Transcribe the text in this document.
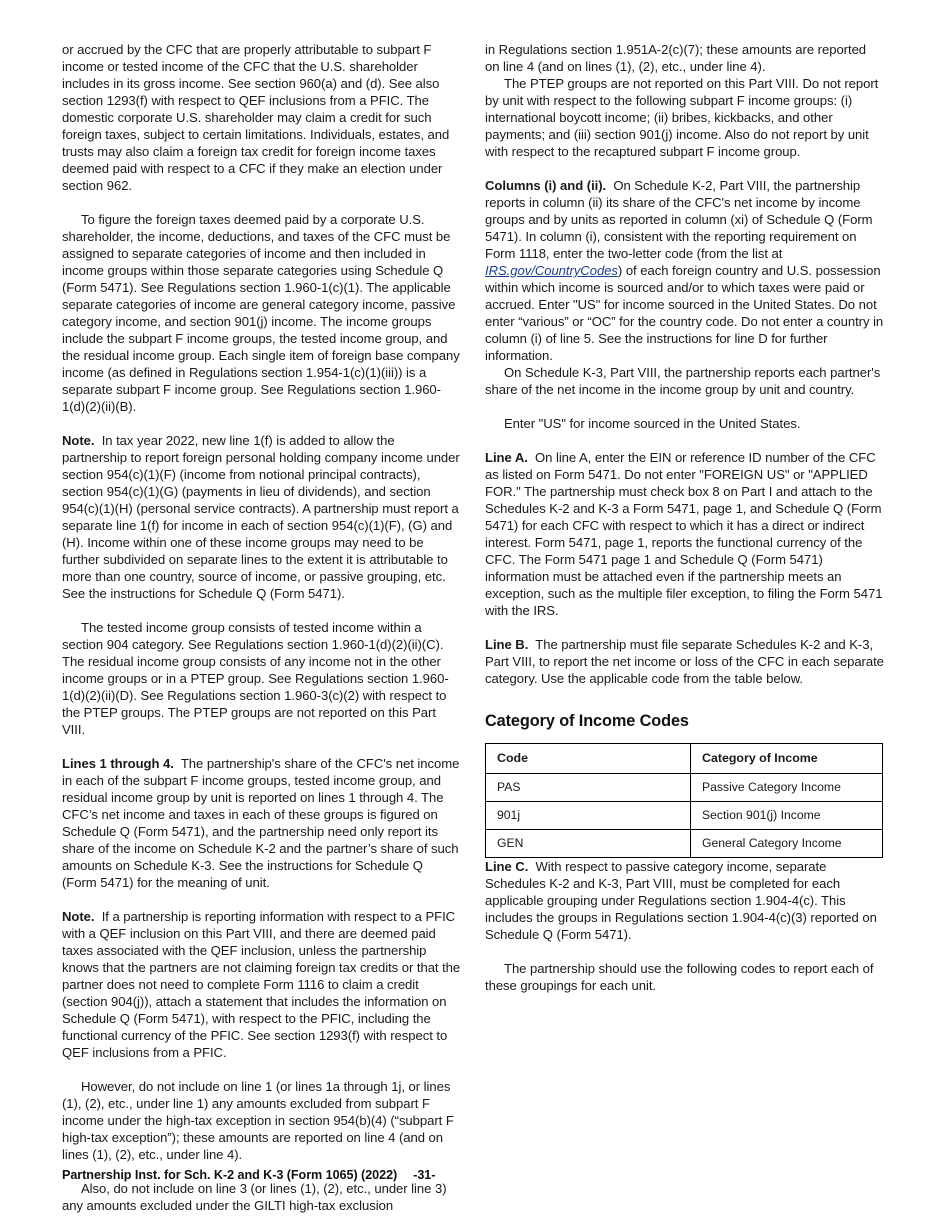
or accrued by the CFC that are properly attributable to subpart F income or tested income of the CFC that the U.S. shareholder includes in its gross income. See section 960(a) and (d). See also section 1293(f) with respect to QEF inclusions from a PFIC. The domestic corporate U.S. shareholder may claim a credit for such foreign taxes, subject to certain limitations. Individuals, estates, and trusts may also claim a foreign tax credit for foreign income taxes deemed paid with respect to a CFC if they make an election under section 962.

To figure the foreign taxes deemed paid by a corporate U.S. shareholder, the income, deductions, and taxes of the CFC must be assigned to separate categories of income and then included in income groups within those separate categories using Schedule Q (Form 5471). See Regulations section 1.960-1(c)(1). The applicable separate categories of income are general category income, passive category income, and section 901(j) income. The income groups include the subpart F income groups, the tested income group, and the residual income group. Each single item of foreign base company income (as defined in Regulations section 1.954-1(c)(1)(iii)) is a separate subpart F income group. See Regulations section 1.960-1(d)(2)(ii)(B).

Note. In tax year 2022, new line 1(f) is added to allow the partnership to report foreign personal holding company income under section 954(c)(1)(F) (income from notional principal contracts), section 954(c)(1)(G) (payments in lieu of dividends), and section 954(c)(1)(H) (personal service contracts). A partnership must report a separate line 1(f) for income in each of section 954(c)(1)(F), (G) and (H). Income within one of these income groups may need to be further subdivided on separate lines to the extent it is attributable to more than one country, source of income, or passive grouping, etc. See the instructions for Schedule Q (Form 5471).

The tested income group consists of tested income within a section 904 category. See Regulations section 1.960-1(d)(2)(ii)(C). The residual income group consists of any income not in the other income groups or in a PTEP group. See Regulations section 1.960-1(d)(2)(ii)(D). See Regulations section 1.960-3(c)(2) with respect to the PTEP groups. The PTEP groups are not reported on this Part VIII.

Lines 1 through 4. The partnership's share of the CFC's net income in each of the subpart F income groups, tested income group, and residual income group by unit is reported on lines 1 through 4. The CFC’s net income and taxes in each of these groups is figured on Schedule Q (Form 5471), and the partnership need only report its share of the income on Schedule K-2 and the partner’s share of such amounts on Schedule K-3. See the instructions for Schedule Q (Form 5471) for the meaning of unit.

Note. If a partnership is reporting information with respect to a PFIC with a QEF inclusion on this Part VIII, and there are deemed paid taxes associated with the QEF inclusion, unless the partnership knows that the partners are not claiming foreign tax credits or that the partner does not need to complete Form 1116 to claim a credit (section 904(j)), attach a statement that includes the information on Schedule Q (Form 5471), with respect to the PFIC, including the functional currency of the PFIC. See section 1293(f) with respect to QEF inclusions from a PFIC.

However, do not include on line 1 (or lines 1a through 1j, or lines (1), (2), etc., under line 1) any amounts excluded from subpart F income under the high-tax exception in section 954(b)(4) (“subpart F high-tax exception”); these amounts are reported on line 4 (and on lines (1), (2), etc., under line 4).

Also, do not include on line 3 (or lines (1), (2), etc., under line 3) any amounts excluded under the GILTI high-tax exclusion

in Regulations section 1.951A-2(c)(7); these amounts are reported on line 4 (and on lines (1), (2), etc., under line 4).

The PTEP groups are not reported on this Part VIII. Do not report by unit with respect to the following subpart F income groups: (i) international boycott income; (ii) bribes, kickbacks, and other payments; and (iii) section 901(j) income. Also do not report by unit with respect to the recaptured subpart F income group.

Columns (i) and (ii). On Schedule K-2, Part VIII, the partnership reports in column (ii) its share of the CFC's net income by income groups and by units as reported in column (xi) of Schedule Q (Form 5471). In column (i), consistent with the reporting requirement on Form 1118, enter the two-letter code (from the list at IRS.gov/CountryCodes) of each foreign country and U.S. possession within which income is sourced and/or to which taxes were paid or accrued. Enter "US" for income sourced in the United States. Do not enter “various” or “OC” for the country code. Do not enter a country in column (i) of line 5. See the instructions for line D for further information.

On Schedule K-3, Part VIII, the partnership reports each partner's share of the net income in the income group by unit and country.

Enter "US" for income sourced in the United States.

Line A. On line A, enter the EIN or reference ID number of the CFC as listed on Form 5471. Do not enter "FOREIGN US" or "APPLIED FOR." The partnership must check box 8 on Part I and attach to the Schedules K-2 and K-3 a Form 5471, page 1, and Schedule Q (Form 5471) for each CFC with respect to which it has a direct or indirect interest. Form 5471, page 1, reports the functional currency of the CFC. The Form 5471 page 1 and Schedule Q (Form 5471) information must be attached even if the partnership meets an exception, such as the multiple filer exception, to filing the Form 5471 with the IRS.

Line B. The partnership must file separate Schedules K-2 and K-3, Part VIII, to report the net income or loss of the CFC in each separate category. Use the applicable code from the table below.

Category of Income Codes
Code	Category of Income
PAS	Passive Category Income
901j	Section 901(j) Income
GEN	General Category Income

Line C. With respect to passive category income, separate Schedules K-2 and K-3, Part VIII, must be completed for each applicable grouping under Regulations section 1.904-4(c). This includes the groups in Regulations section 1.904-4(c)(3) reported on Schedule Q (Form 5471).

The partnership should use the following codes to report each of these groupings for each unit.

Partnership Inst. for Sch. K-2 and K-3 (Form 1065) (2022) -31-
